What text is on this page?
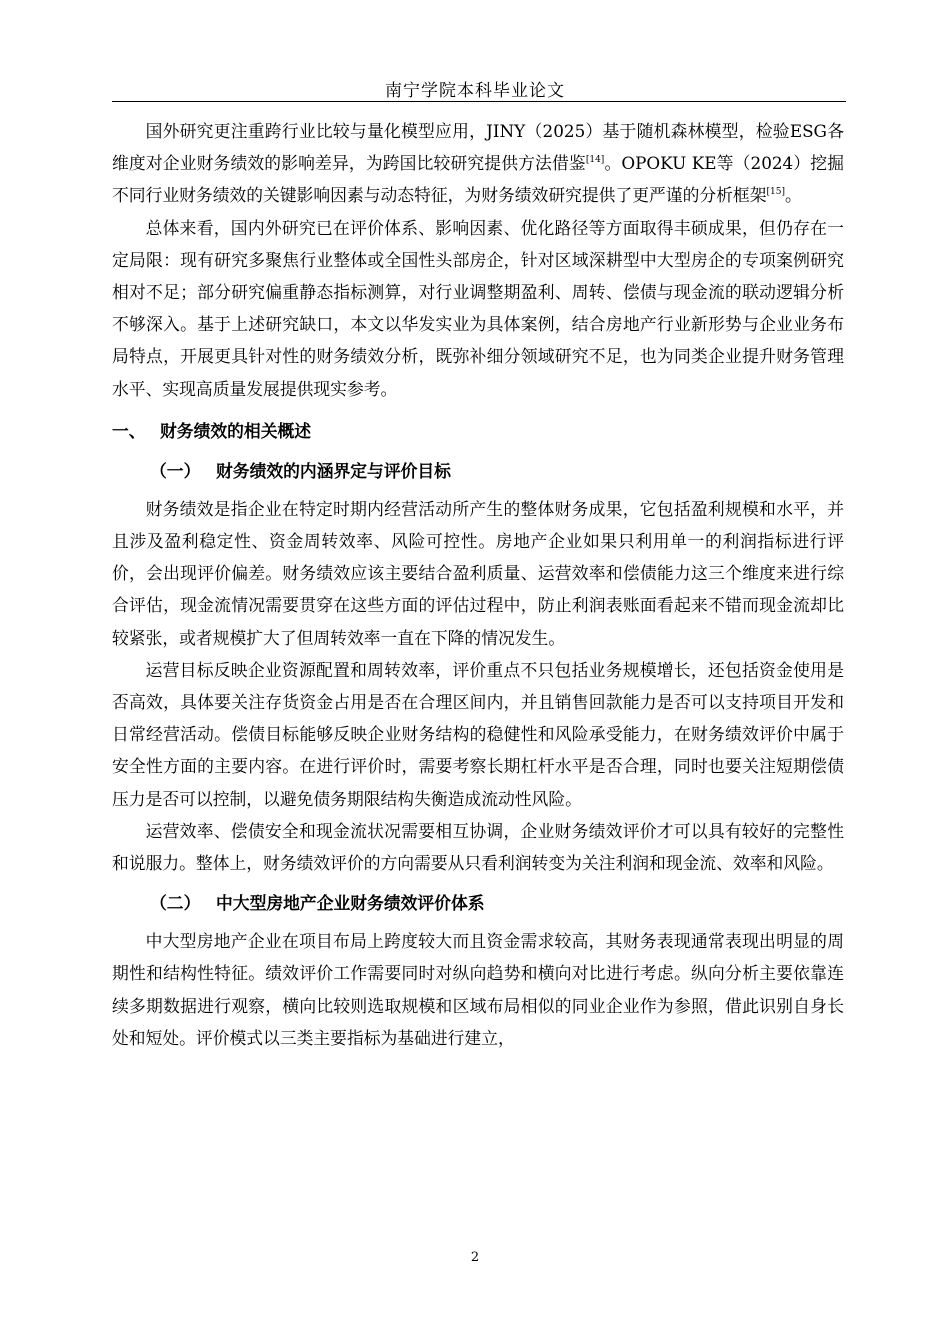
南宁学院本科毕业论文

国外研究更注重跨行业比较与量化模型应用，JINY（2025）基于随机森林模型，检验ESG各维度对企业财务绩效的影响差异，为跨国比较研究提供方法借鉴[14]。OPOKU KE等（2024）挖掘不同行业财务绩效的关键影响因素与动态特征，为财务绩效研究提供了更严谨的分析框架[15]。

总体来看，国内外研究已在评价体系、影响因素、优化路径等方面取得丰硕成果，但仍存在一定局限：现有研究多聚焦行业整体或全国性头部房企，针对区域深耕型中大型房企的专项案例研究相对不足；部分研究偏重静态指标测算，对行业调整期盈利、周转、偿债与现金流的联动逻辑分析不够深入。基于上述研究缺口，本文以华发实业为具体案例，结合房地产行业新形势与企业业务布局特点，开展更具针对性的财务绩效分析，既弥补细分领域研究不足，也为同类企业提升财务管理水平、实现高质量发展提供现实参考。

一、 财务绩效的相关概述
（一） 财务绩效的内涵界定与评价目标

财务绩效是指企业在特定时期内经营活动所产生的整体财务成果，它包括盈利规模和水平，并且涉及盈利稳定性、资金周转效率、风险可控性。房地产企业如果只利用单一的利润指标进行评价，会出现评价偏差。财务绩效应该主要结合盈利质量、运营效率和偿债能力这三个维度来进行综合评估，现金流情况需要贯穿在这些方面的评估过程中，防止利润表账面看起来不错而现金流却比较紧张，或者规模扩大了但周转效率一直在下降的情况发生。

运营目标反映企业资源配置和周转效率，评价重点不只包括业务规模增长，还包括资金使用是否高效，具体要关注存货资金占用是否在合理区间内，并且销售回款能力是否可以支持项目开发和日常经营活动。偿债目标能够反映企业财务结构的稳健性和风险承受能力，在财务绩效评价中属于安全性方面的主要内容。在进行评价时，需要考察长期杠杆水平是否合理，同时也要关注短期偿债压力是否可以控制，以避免债务期限结构失衡造成流动性风险。

运营效率、偿债安全和现金流状况需要相互协调，企业财务绩效评价才可以具有较好的完整性和说服力。整体上，财务绩效评价的方向需要从只看利润转变为关注利润和现金流、效率和风险。

（二） 中大型房地产企业财务绩效评价体系

中大型房地产企业在项目布局上跨度较大而且资金需求较高，其财务表现通常表现出明显的周期性和结构性特征。绩效评价工作需要同时对纵向趋势和横向对比进行考虑。纵向分析主要依靠连续多期数据进行观察，横向比较则选取规模和区域布局相似的同业企业作为参照，借此识别自身长处和短处。评价模式以三类主要指标为基础进行建立，

2
